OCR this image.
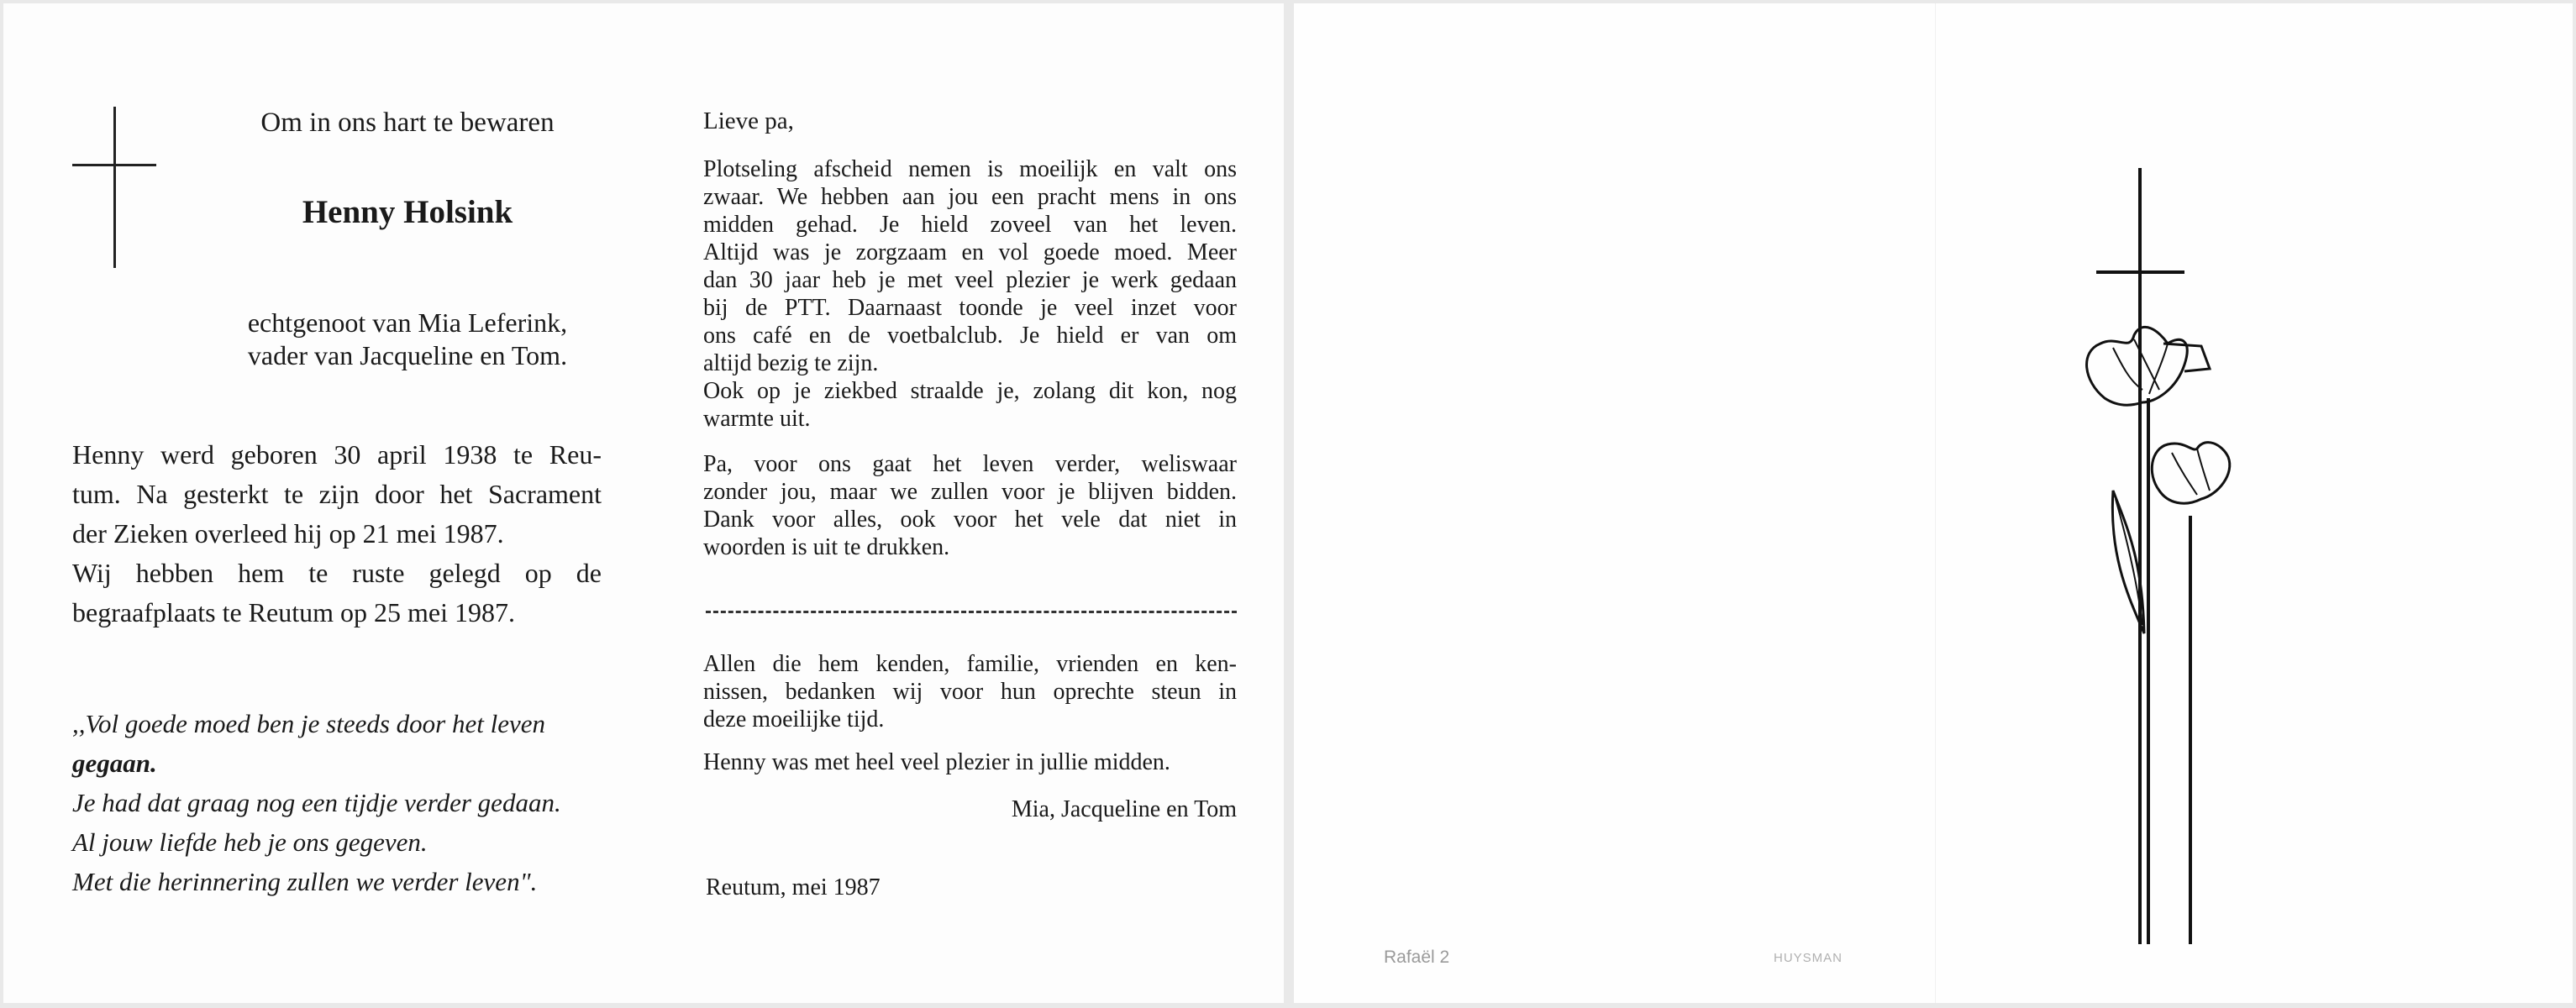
Om in ons hart te bewaren
Henny Holsink
echtgenoot van Mia Leferink,
vader van Jacqueline en Tom.
Henny werd geboren 30 april 1938 te Reu-
tum. Na gesterkt te zijn door het Sacrament
der Zieken overleed hij op 21 mei 1987.
Wij hebben hem te ruste gelegd op de
begraafplaats te Reutum op 25 mei 1987.
,,Vol goede moed ben je steeds door het leven
gegaan.
Je had dat graag nog een tijdje verder gedaan.
Al jouw liefde heb je ons gegeven.
Met die herinnering zullen we verder leven".
Lieve pa,
Plotseling afscheid nemen is moeilijk en valt ons
zwaar. We hebben aan jou een pracht mens in ons
midden gehad. Je hield zoveel van het leven.
Altijd was je zorgzaam en vol goede moed. Meer
dan 30 jaar heb je met veel plezier je werk gedaan
bij de PTT. Daarnaast toonde je veel inzet voor
ons café en de voetbalclub. Je hield er van om
altijd bezig te zijn.
Ook op je ziekbed straalde je, zolang dit kon, nog
warmte uit.
Pa, voor ons gaat het leven verder, weliswaar
zonder jou, maar we zullen voor je blijven bidden.
Dank voor alles, ook voor het vele dat niet in
woorden is uit te drukken.
Allen die hem kenden, familie, vrienden en ken-
nissen, bedanken wij voor hun oprechte steun in
deze moeilijke tijd.
Henny was met heel veel plezier in jullie midden.
Mia, Jacqueline en Tom
Reutum, mei 1987
Rafaël 2	HUYSMAN
